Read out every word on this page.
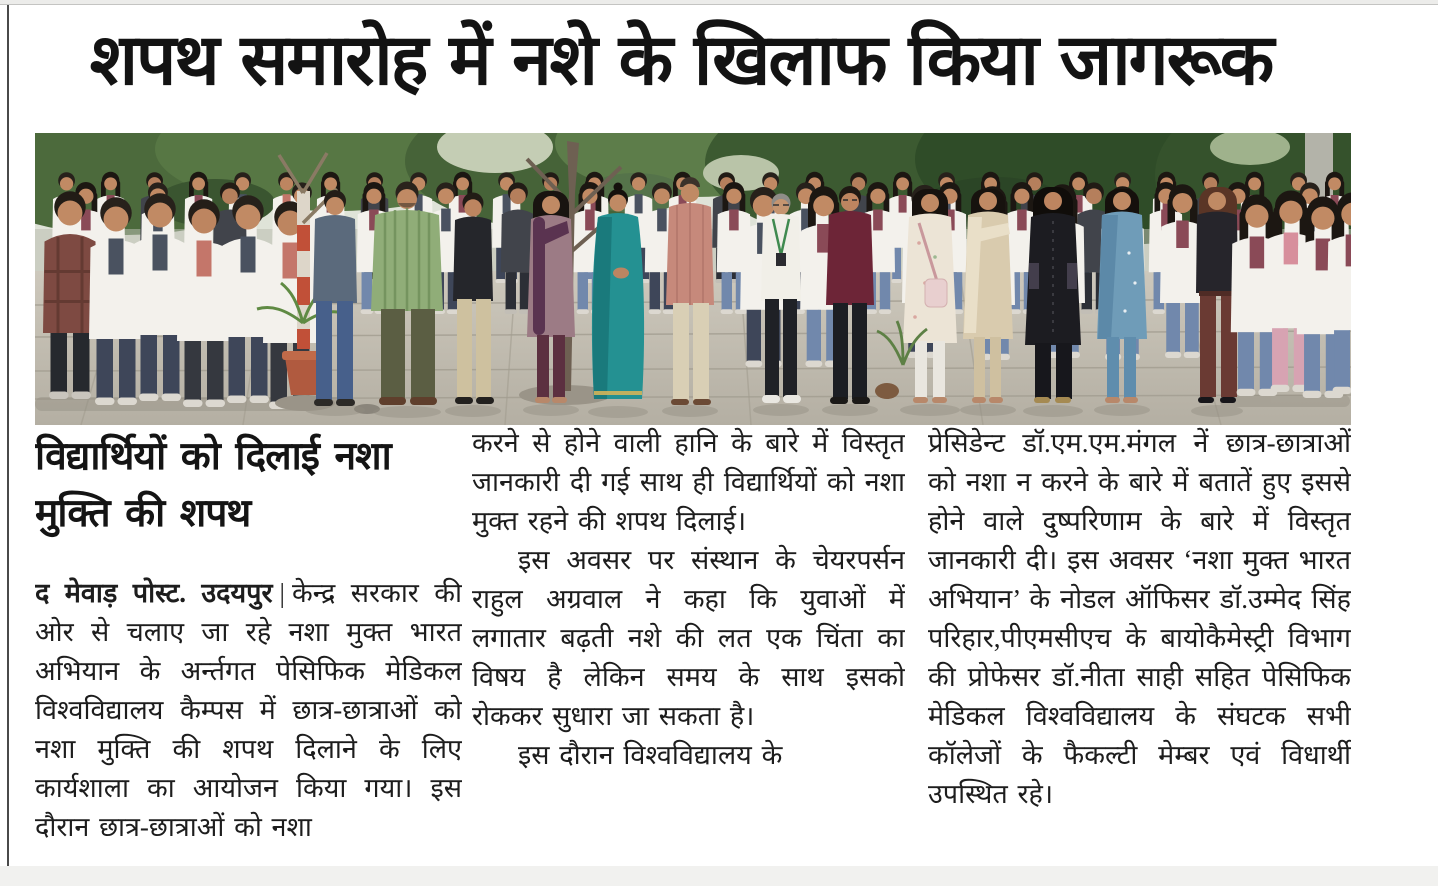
शपथ समारोह में नशे के खिलाफ किया जागरूक
विद्यार्थियों को दिलाई नशा मुक्ति की शपथ

द मेवाड़ पोस्ट. उदयपुर | केन्द्र सरकार की ओर से चलाए जा रहे नशा मुक्त भारत अभियान के अर्न्तगत पेसिफिक मेडिकल विश्वविद्यालय कैम्पस में छात्र-छात्राओं को नशा मुक्ति की शपथ दिलाने के लिए कार्यशाला का आयोजन किया गया। इस दौरान छात्र-छात्राओं को नशा

करने से होने वाली हानि के बारे में विस्तृत जानकारी दी गई साथ ही विद्यार्थियों को नशा मुक्त रहने की शपथ दिलाई।

इस अवसर पर संस्थान के चेयरपर्सन राहुल अग्रवाल ने कहा कि युवाओं में लगातार बढ़ती नशे की लत एक चिंता का विषय है लेकिन समय के साथ इसको रोककर सुधारा जा सकता है।

इस दौरान विश्वविद्यालय के

प्रेसिडेन्ट डॉ.एम.एम.मंगल नें छात्र-छात्राओं को नशा न करने के बारे में बतातें हुए इससे होने वाले दुष्परिणाम के बारे में विस्तृत जानकारी दी। इस अवसर ‘नशा मुक्त भारत अभियान’ के नोडल ऑफिसर डॉ.उम्मेद सिंह परिहार,पीएमसीएच के बायोकैमेस्ट्री विभाग की प्रोफेसर डॉ.नीता साही सहित पेसिफिक मेडिकल विश्वविद्यालय के संघटक सभी कॉलेजों के फैकल्टी मेम्बर एवं विधार्थी उपस्थित रहे।
